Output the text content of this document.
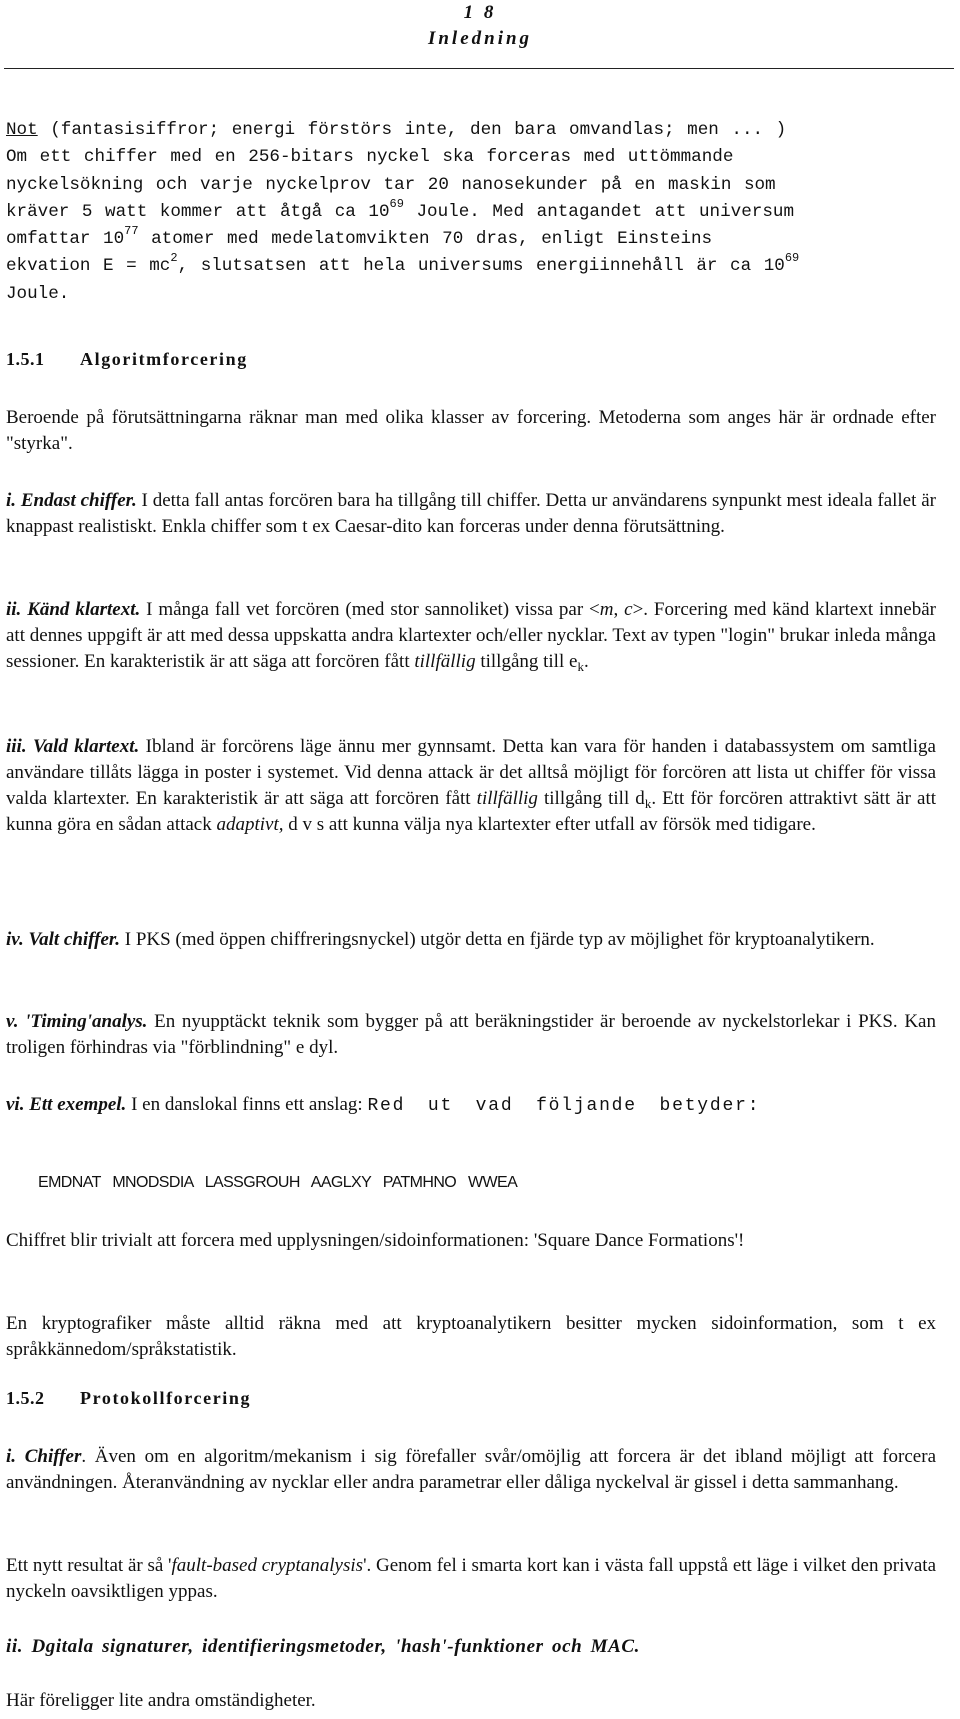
1 8
Inledning
Not (fantasisiffror; energi förstörs inte, den bara omvandlas; men ... )
Om ett chiffer med en 256-bitars nyckel ska forceras med uttömmande
nyckelsökning och varje nyckelprov tar 20 nanosekunder på en maskin som
kräver 5 watt kommer att åtgå ca $10^{69}$ Joule. Med antagandet att universum
omfattar $10^{77}$ atomer med medelatomvikten 70 dras, enligt Einsteins
ekvation $E = mc^2$, slutsatsen att hela universums energiinnehåll är ca $10^{69}$
Joule.
1.5.1 Algoritmforcering

Beroende på förutsättningarna räknar man med olika klasser av forcering. Metoderna som anges här är ordnade efter "styrka".

i. Endast chiffer. I detta fall antas forcören bara ha tillgång till chiffer. Detta ur användarens synpunkt mest ideala fallet är knappast realistiskt. Enkla chiffer som t ex Caesar-dito kan forceras under denna förutsättning.

ii. Känd klartext. I många fall vet forcören (med stor sannoliket) vissa par <m, c>. Forcering med känd klartext innebär att dennes uppgift är att med dessa uppskatta andra klartexter och/eller nycklar. Text av typen "login" brukar inleda många sessioner. En karakteristik är att säga att forcören fått tillfällig tillgång till $e_k$.

iii. Vald klartext. Ibland är forcörens läge ännu mer gynnsamt. Detta kan vara för handen i databassystem om samtliga användare tillåts lägga in poster i systemet. Vid denna attack är det alltså möjligt för forcören att lista ut chiffer för vissa valda klartexter. En karakteristik är att säga att forcören fått tillfällig tillgång till $d_k$. Ett för forcören attraktivt sätt är att kunna göra en sådan attack adaptivt, d v s att kunna välja nya klartexter efter utfall av försök med tidigare.

iv. Valt chiffer. I PKS (med öppen chiffreringsnyckel) utgör detta en fjärde typ av möjlighet för kryptoanalytikern.

v. 'Timing'analys. En nyupptäckt teknik som bygger på att beräkningstider är beroende av nyckelstorlekar i PKS. Kan troligen förhindras via "förblindning" e dyl.

vi. Ett exempel. I en danslokal finns ett anslag: Red ut vad följande betyder:

EMDNAT MNODSDIA LASSGROUH AAGLXY PATMHNO WWEA

Chiffret blir trivialt att forcera med upplysningen/sidoinformationen: 'Square Dance Formations'!

En kryptografiker måste alltid räkna med att kryptoanalytikern besitter mycken sidoinformation, som t ex språkkännedom/språkstatistik.

1.5.2 Protokollforcering

i. Chiffer. Även om en algoritm/mekanism i sig förefaller svår/omöjlig att forcera är det ibland möjligt att forcera användningen. Återanvändning av nycklar eller andra parametrar eller dåliga nyckelval är gissel i detta sammanhang.

Ett nytt resultat är så 'fault-based cryptanalysis'. Genom fel i smarta kort kan i västa fall uppstå ett läge i vilket den privata nyckeln oavsiktligen yppas.

ii. Dgitala signaturer, identifieringsmetoder, 'hash'-funktioner och MAC.

Här föreligger lite andra omständigheter.
